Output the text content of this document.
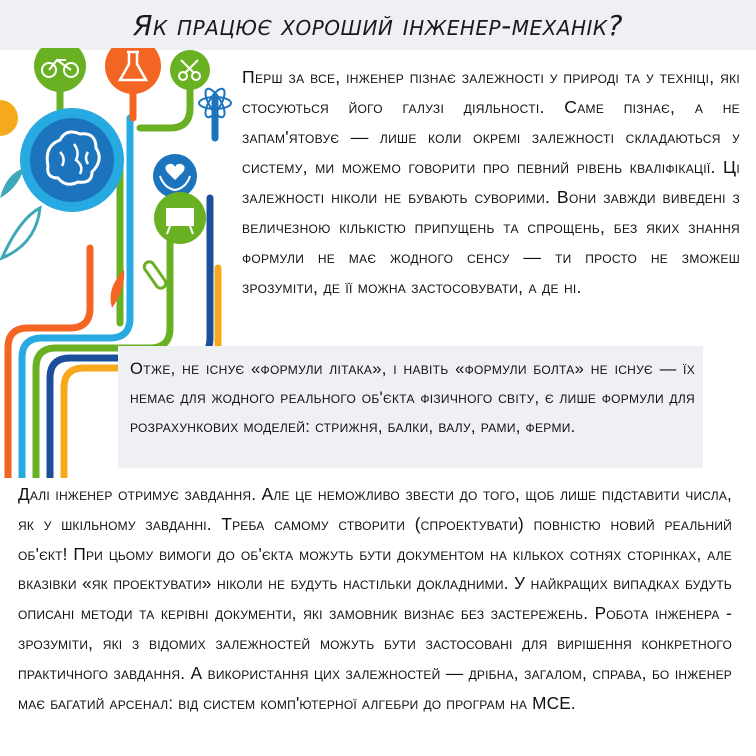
Як працює хороший інженер-механік?
Перш за все, інженер пізнає залежності у природі та у техніці, які стосуються його галузі діяльності. Саме пізнає, а не запам'ятовує — лише коли окремі залежності складаються у систему, ми можемо говорити про певний рівень кваліфікації. Ці залежності ніколи не бувають суворими. Вони завжди виведені з величезною кількістю припущень та спрощень, без яких знання формули не має жодного сенсу — ти просто не зможеш зрозуміти, де її можна застосовувати, а де ні.
Отже, не існує «формули літака», і навіть «формули болта» не існує — їх немає для жодного реального об'єкта фізичного світу, є лише формули для розрахункових моделей: стрижня, балки, валу, рами, ферми.
Далі інженер отримує завдання. Але це неможливо звести до того, щоб лише підставити числа, як у шкільному завданні. Треба самому створити (спроектувати) повністю новий реальний об'єкт! При цьому вимоги до об'єкта можуть бути документом на кількох сотнях сторінках, але вказівки «як проектувати» ніколи не будуть настільки докладними. У найкращих випадках будуть описані методи та керівні документи, які замовник визнає без застережень. Робота інженера - зрозуміти, які з відомих залежностей можуть бути застосовані для вирішення конкретного практичного завдання. А використання цих залежностей — дрібна, загалом, справа, бо інженер має багатий арсенал: від систем комп'ютерної алгебри до програм на MCE.
